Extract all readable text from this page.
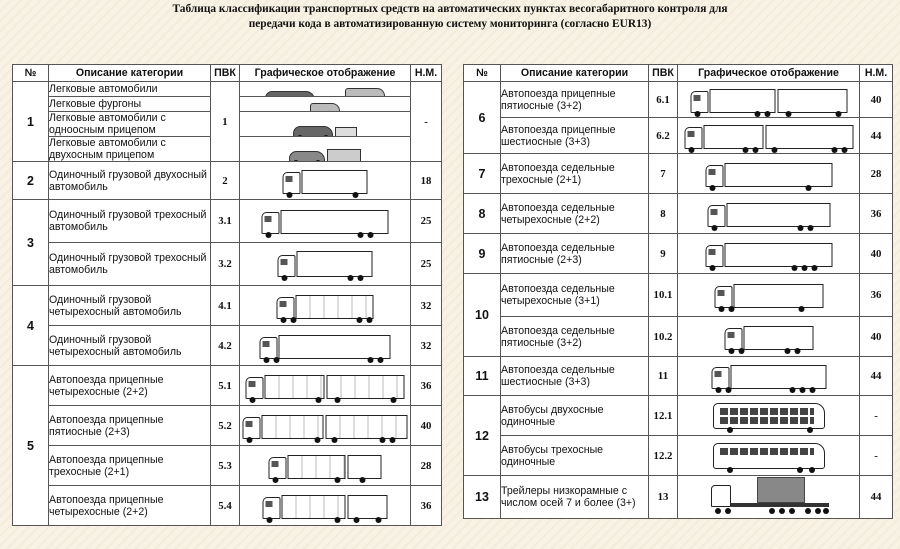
Таблица классификации транспортных средств на автоматических пунктах весогабаритного контроля для
передачи кода в автоматизированную систему мониторинга (согласно EUR13)
№	Описание категории	ПВК	Графическое отображение	Н.М.
1	Легковые автомобили	1		-
	Легковые фургоны			

	Легковые автомобили с одноосным прицепом			

	Легковые автомобили с двухосным прицепом			

2	Одиночный грузовой двухосный автомобиль	2		18
3	Одиночный грузовой трехосный автомобиль	3.1		25
	Одиночный грузовой трехосный автомобиль	3.2		25
4	Одиночный грузовой четырехосный автомобиль	4.1		32
	Одиночный грузовой четырехосный автомобиль	4.2		32
5	Автопоезда прицепные четырехосные (2+2)	5.1		36
	Автопоезда прицепные пятиосные (2+3)	5.2		40
	Автопоезда прицепные трехосные (2+1)	5.3		28
	Автопоезда прицепные четырехосные (2+2)	5.4		36
№	Описание категории	ПВК	Графическое отображение	Н.М.
6	Автопоезда прицепные пятиосные (3+2)	6.1		40
	Автопоезда прицепные шестиосные (3+3)	6.2		44
7	Автопоезда седельные трехосные (2+1)	7		28
8	Автопоезда седельные четырехосные (2+2)	8		36
9	Автопоезда седельные пятиосные (2+3)	9		40
10	Автопоезда седельные четырехосные (3+1)	10.1		36
	Автопоезда седельные пятиосные (3+2)	10.2		40
11	Автопоезда седельные шестиосные (3+3)	11		44
12	Автобусы двухосные одиночные	12.1		-
	Автобусы трехосные одиночные	12.2		-
13	Трейлеры низкорамные с числом осей 7 и более (3+)	13		44
